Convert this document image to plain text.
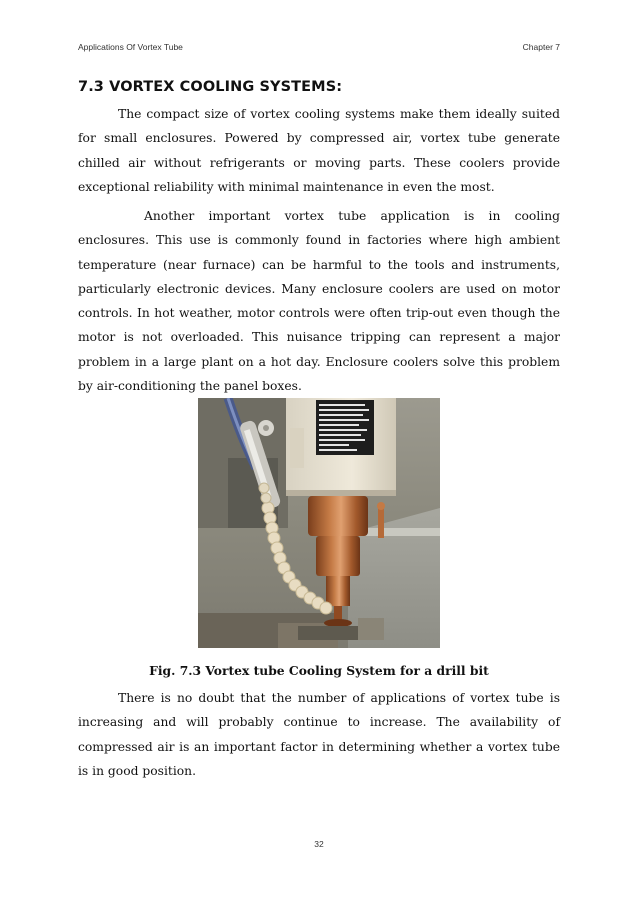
Applications Of Vortex Tube	Chapter 7
7.3 VORTEX COOLING SYSTEMS:

The compact size of vortex cooling systems make them ideally suited for small enclosures. Powered by compressed air, vortex tube generate chilled air without refrigerants or moving parts. These coolers provide exceptional reliability with minimal maintenance in even the most.

Another important vortex tube application is in cooling enclosures. This use is commonly found in factories where high ambient temperature (near furnace) can be harmful to the tools and instruments, particularly electronic devices. Many enclosure coolers are used on motor controls. In hot weather, motor controls were often trip-out even though the motor is not overloaded. This nuisance tripping can represent a major problem in a large plant on a hot day. Enclosure coolers solve this problem by air-conditioning the panel boxes.

Fig. 7.3 Vortex tube Cooling System for a drill bit

There is no doubt that the number of applications of vortex tube is increasing and will probably continue to increase. The availability of compressed air is an important factor in determining whether a vortex tube is in good position.

32
